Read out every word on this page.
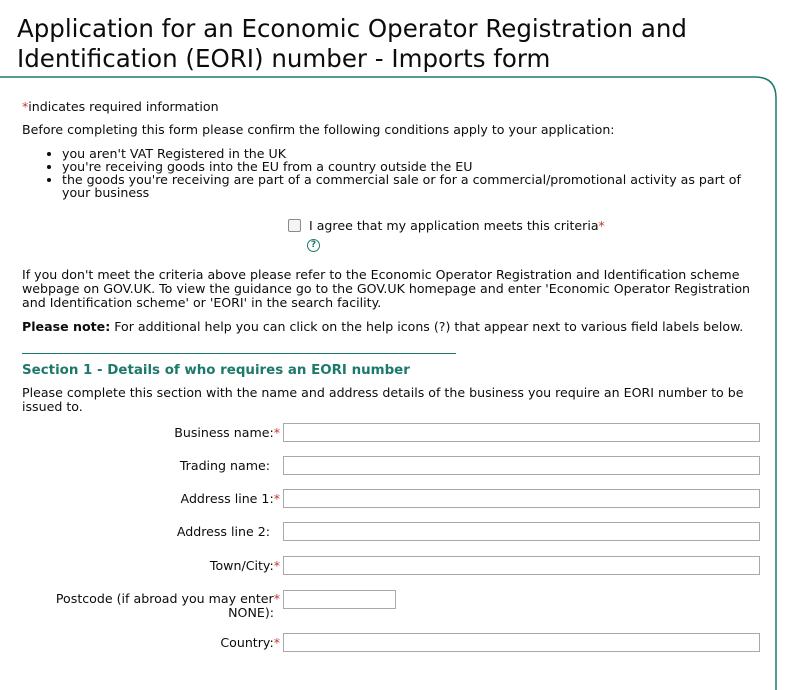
Application for an Economic Operator Registration and
Identification (EORI) number - Imports form
*indicates required information
Before completing this form please confirm the following conditions apply to your application:
• you aren't VAT Registered in the UK
• you're receiving goods into the EU from a country outside the EU
• the goods you're receiving are part of a commercial sale or for a commercial/promotional activity as part of your business
I agree that my application meets this criteria*
?
If you don't meet the criteria above please refer to the Economic Operator Registration and Identification scheme webpage on GOV.UK. To view the guidance go to the GOV.UK homepage and enter 'Economic Operator Registration and Identification scheme' or 'EORI' in the search facility.
Please note: For additional help you can click on the help icons (?) that appear next to various field labels below.
Section 1 - Details of who requires an EORI number
Please complete this section with the name and address details of the business you require an EORI number to be issued to.
Business name:*
Trading name:
Address line 1:*
Address line 2:
Town/City:*
Postcode (if abroad you may enter*
NONE):
Country:*
